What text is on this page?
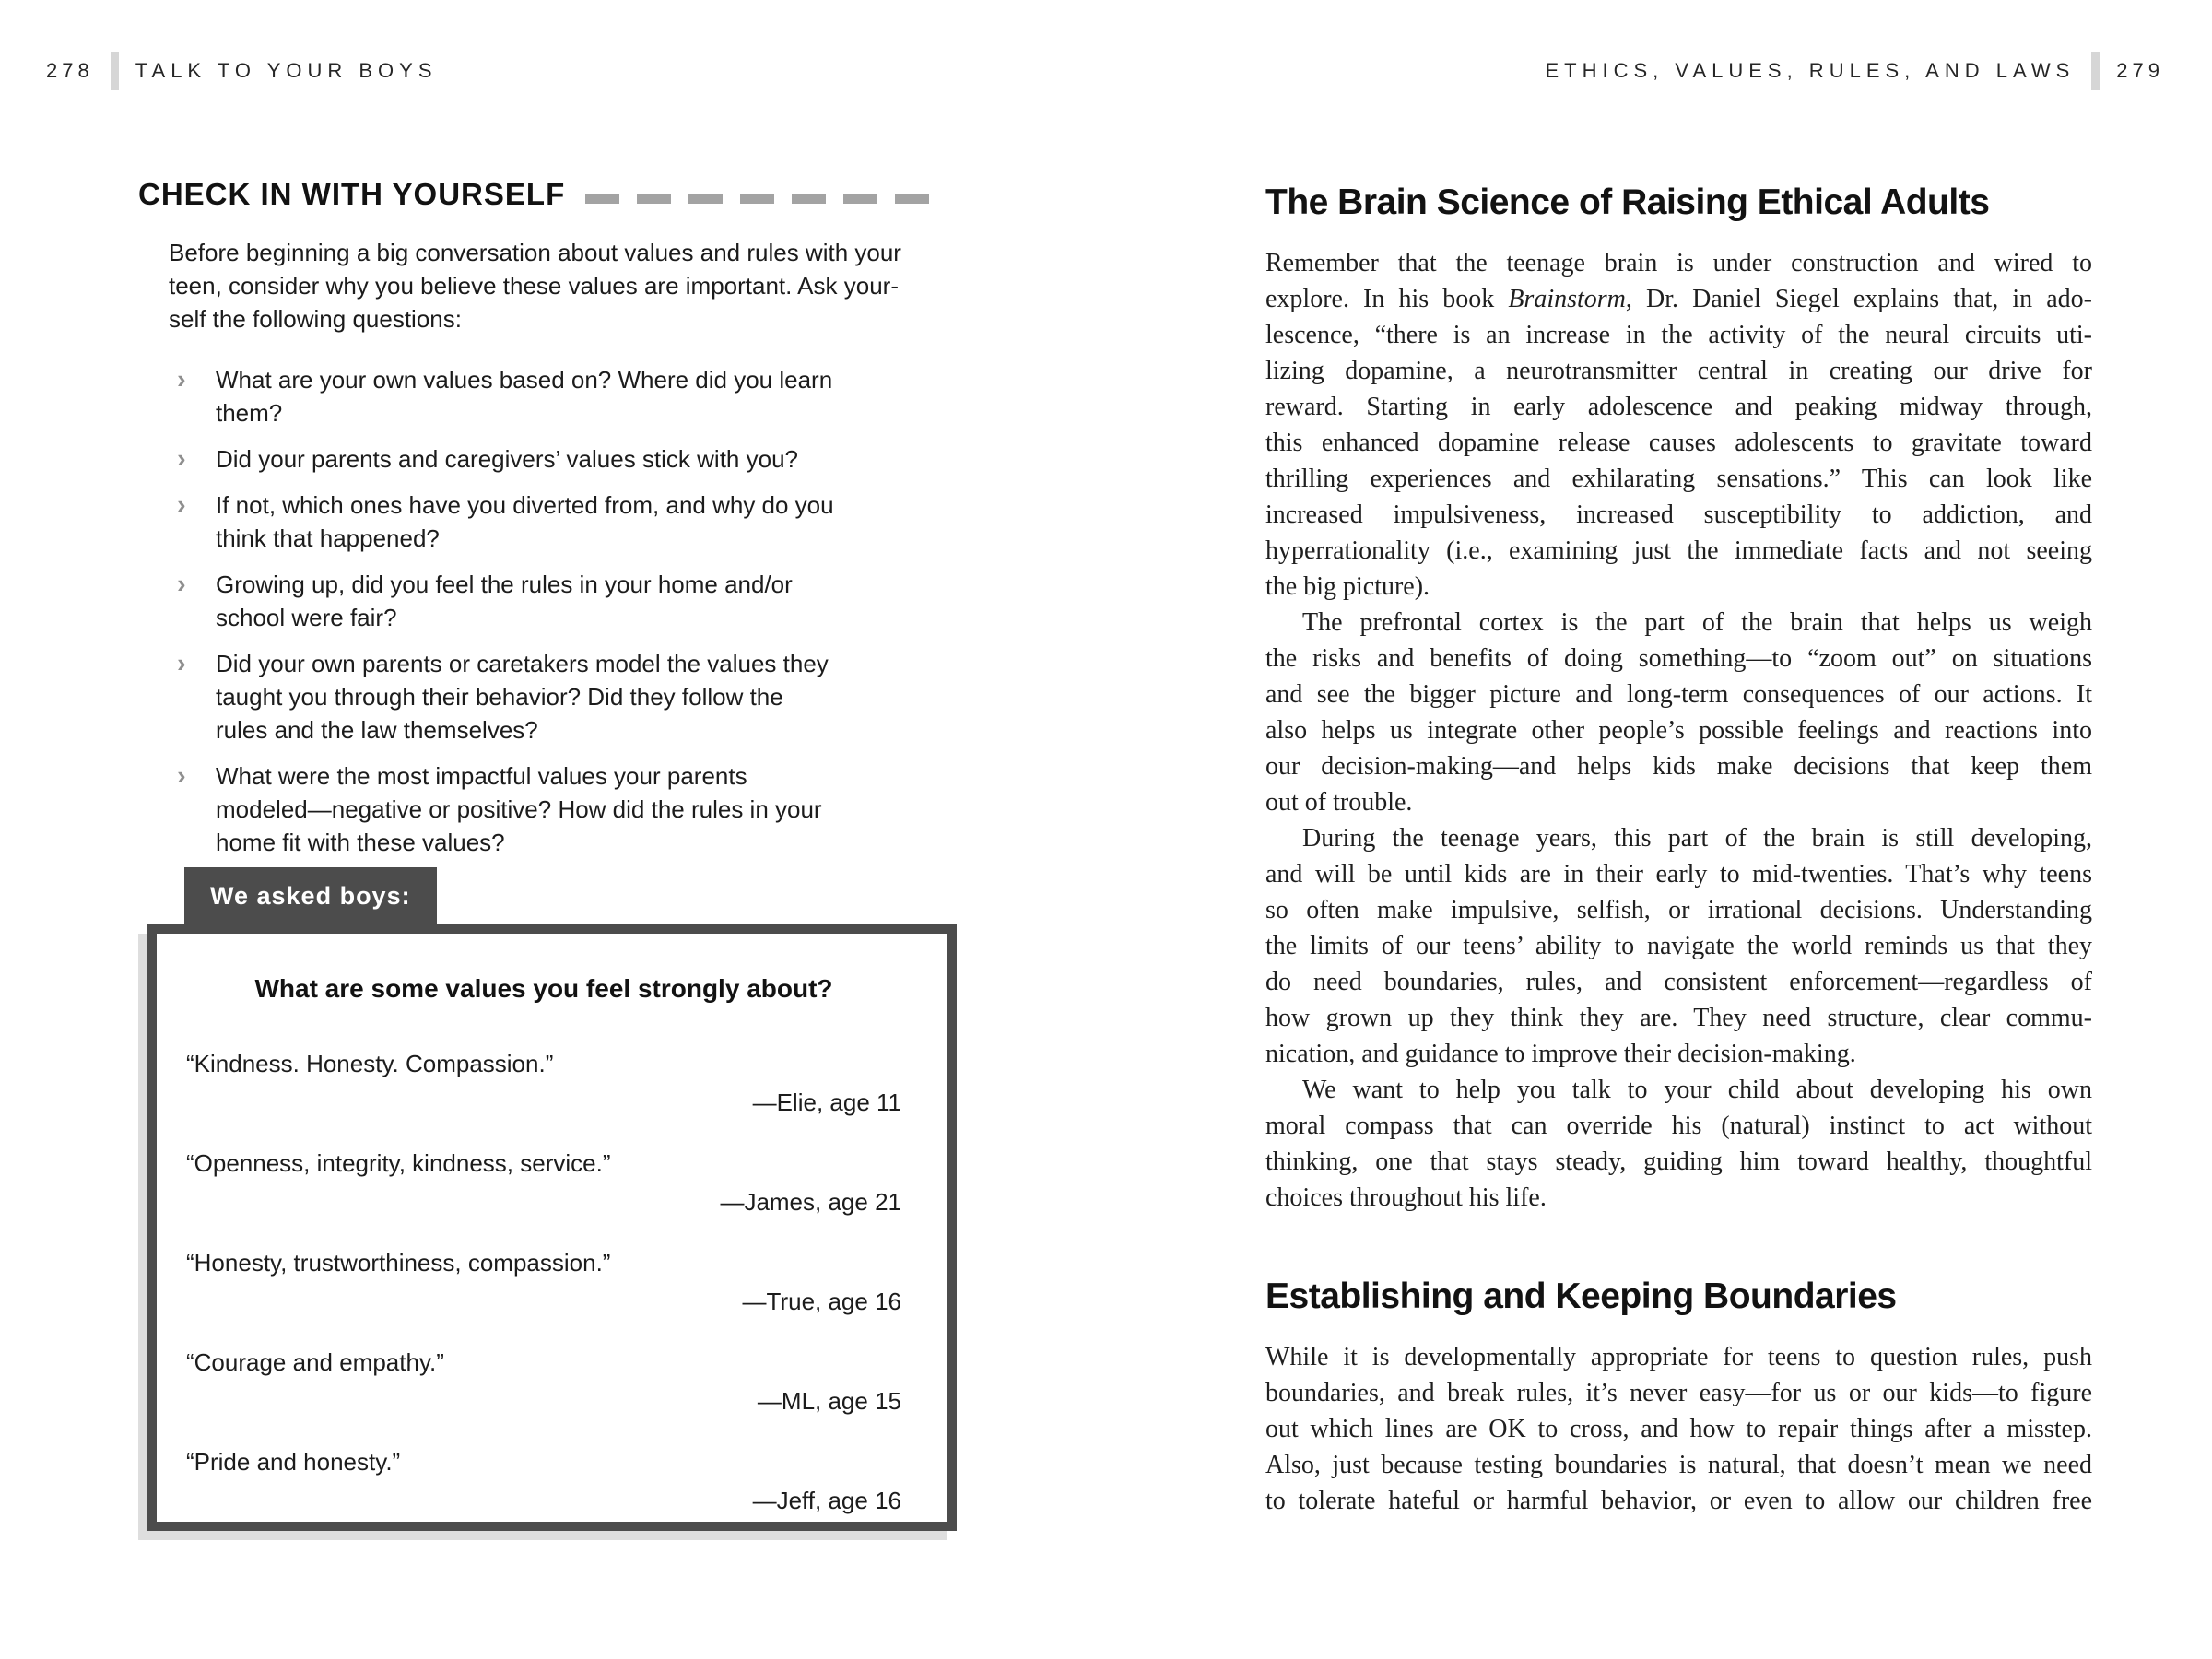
278 TALK TO YOUR BOYS
CHECK IN WITH YOURSELF
Before beginning a big conversation about values and rules with your
teen, consider why you believe these values are important. Ask your-
self the following questions:
›	What are your own values based on? Where did you learn
them?
›	Did your parents and caregivers’ values stick with you?
›	If not, which ones have you diverted from, and why do you
think that happened?
›	Growing up, did you feel the rules in your home and/or
school were fair?
›	Did your own parents or caretakers model the values they
taught you through their behavior? Did they follow the
rules and the law themselves?
›	What were the most impactful values your parents
modeled—negative or positive? How did the rules in your
home fit with these values?
We asked boys:
What are some values you feel strongly about?
“Kindness. Honesty. Compassion.”
—Elie, age 11
“Openness, integrity, kindness, service.”
—James, age 21
“Honesty, trustworthiness, compassion.”
—True, age 16
“Courage and empathy.”
—ML, age 15
“Pride and honesty.”
—Jeff, age 16
ETHICS, VALUES, RULES, AND LAWS 279
The Brain Science of Raising Ethical Adults
Remember that the teenage brain is under construction and wired to
explore. In his book Brainstorm, Dr. Daniel Siegel explains that, in ado-
lescence, “there is an increase in the activity of the neural circuits uti-
lizing dopamine, a neurotransmitter central in creating our drive for
reward. Starting in early adolescence and peaking midway through,
this enhanced dopamine release causes adolescents to gravitate toward
thrilling experiences and exhilarating sensations.” This can look like
increased impulsiveness, increased susceptibility to addiction, and
hyperrationality (i.e., examining just the immediate facts and not seeing
the big picture).
The prefrontal cortex is the part of the brain that helps us weigh
the risks and benefits of doing something—to “zoom out” on situations
and see the bigger picture and long-term consequences of our actions. It
also helps us integrate other people’s possible feelings and reactions into
our decision-making—and helps kids make decisions that keep them
out of trouble.
During the teenage years, this part of the brain is still developing,
and will be until kids are in their early to mid-twenties. That’s why teens
so often make impulsive, selfish, or irrational decisions. Understanding
the limits of our teens’ ability to navigate the world reminds us that they
do need boundaries, rules, and consistent enforcement—regardless of
how grown up they think they are. They need structure, clear commu-
nication, and guidance to improve their decision-making.
We want to help you talk to your child about developing his own
moral compass that can override his (natural) instinct to act without
thinking, one that stays steady, guiding him toward healthy, thoughtful
choices throughout his life.
Establishing and Keeping Boundaries
While it is developmentally appropriate for teens to question rules, push
boundaries, and break rules, it’s never easy—for us or our kids—to figure
out which lines are OK to cross, and how to repair things after a misstep.
Also, just because testing boundaries is natural, that doesn’t mean we need
to tolerate hateful or harmful behavior, or even to allow our children free
